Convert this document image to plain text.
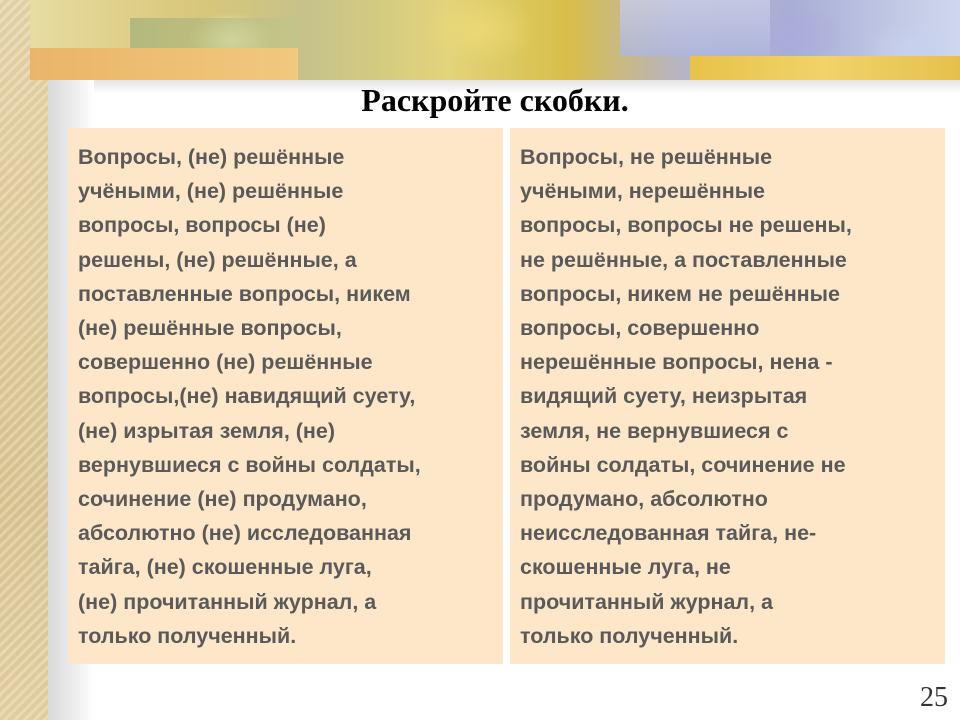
Раскройте скобки.
Вопросы, (не) решённые
учёными, (не) решённые
вопросы, вопросы (не)
решены, (не) решённые, а
поставленные вопросы, никем
(не) решённые вопросы,
совершенно (не) решённые
вопросы,(не) навидящий суету,
(не) изрытая земля, (не)
вернувшиеся с войны солдаты,
сочинение (не) продумано,
абсолютно (не) исследованная
тайга, (не) скошенные луга,
(не) прочитанный журнал, а
только полученный.
Вопросы, не решённые
учёными, нерешённые
вопросы, вопросы не решены,
не решённые, а поставленные
вопросы, никем не решённые
вопросы, совершенно
нерешённые вопросы, нена -
видящий суету, неизрытая
земля, не вернувшиеся с
войны солдаты, сочинение не
продумано, абсолютно
неисследованная тайга, не-
скошенные луга, не
прочитанный журнал, а
только полученный.
25
